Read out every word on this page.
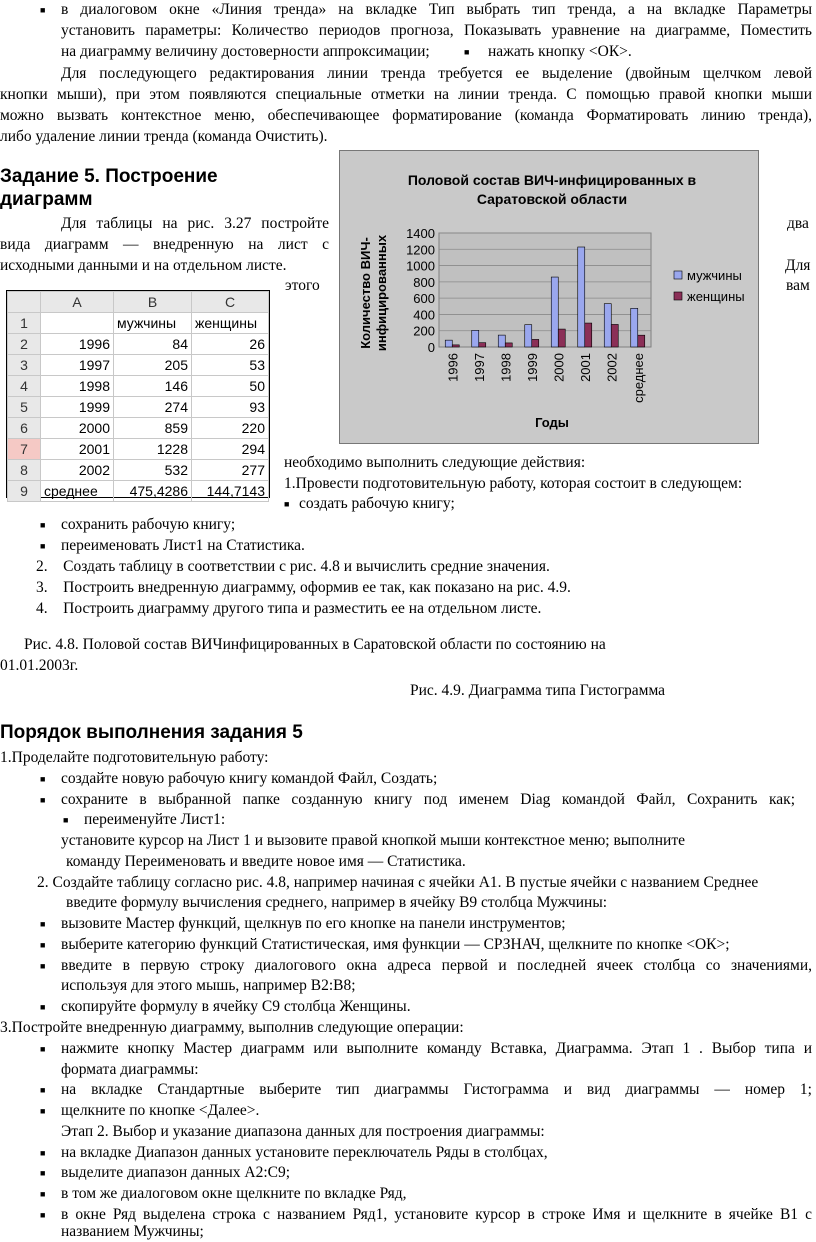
■ в диалоговом окне «Линия тренда» на вкладке Тип выбрать тип тренда, а на вкладке Параметры
установить параметры: Количество периодов прогноза, Показывать уравнение на диаграмме, Поместить
на диаграмму величину достоверности аппроксимации;	■ нажать кнопку <ОК>.
Для последующего редактирования линии тренда требуется ее выделение (двойным щелчком левой
кнопки мыши), при этом появляются специальные отметки на линии тренда. С помощью правой кнопки мыши
можно вызвать контекстное меню, обеспечивающее форматирование (команда Форматировать линию тренда),
либо удаление линии тренда (команда Очистить).
Задание 5. Построение
диаграмм
Для таблицы на рис. 3.27 постройте	два
вида диаграмм — внедренную на лист с
исходными данными и на отдельном листе.	Для
этого	вам
	A	B	C
1		мужчины	женщины
2	1996	84	26
3	1997	205	53
4	1998	146	50
5	1999	274	93
6	2000	859	220
7	2001	1228	294
8	2002	532	277
9	среднее	475,4286	144,7143
Половой состав ВИЧ-инфицированных в
Саратовской области
0
200
400
600
800
1000
1200
1400
1996 1997 1998 1999 2000 2001 2002 среднее
Количество ВИЧ- инфицированных
Годы
мужчины
женщины
необходимо выполнить следующие действия:
1.Провести подготовительную работу, которая состоит в следующем:
■ создать рабочую книгу;
■ сохранить рабочую книгу;
■ переименовать Лист1 на Статистика.
2.    Создать таблицу в соответствии с рис. 4.8 и вычислить средние значения.
3.    Построить внедренную диаграмму, оформив ее так, как показано на рис. 4.9.
4.    Построить диаграмму другого типа и разместить ее на отдельном листе.
Рис. 4.8. Половой состав ВИЧинфицированных в Саратовской области по состоянию на
01.01.2003г.
Рис. 4.9. Диаграмма типа Гистограмма
Порядок выполнения задания 5
1.Проделайте подготовительную работу:
■ создайте новую рабочую книгу командой Файл, Создать;
■ сохраните в выбранной папке созданную книгу под именем Diag командой Файл, Сохранить как;
■ переименуйте Лист1:
установите курсор на Лист 1 и вызовите правой кнопкой мыши контекстное меню; выполните
команду Переименовать и введите новое имя — Статистика.
2. Создайте таблицу согласно рис. 4.8, например начиная с ячейки А1. В пустые ячейки с названием Среднее
введите формулу вычисления среднего, например в ячейку В9 столбца Мужчины:
■ вызовите Мастер функций, щелкнув по его кнопке на панели инструментов;
■ выберите категорию функций Статистическая, имя функции — СРЗНАЧ, щелкните по кнопке <ОК>;
■ введите в первую строку диалогового окна адреса первой и последней ячеек столбца со значениями,
используя для этого мышь, например В2:В8;
■ скопируйте формулу в ячейку С9 столбца Женщины.
3.Постройте внедренную диаграмму, выполнив следующие операции:
■ нажмите кнопку Мастер диаграмм или выполните команду Вставка, Диаграмма. Этап 1 . Выбор типа и
формата диаграммы:
■ на вкладке Стандартные выберите тип диаграммы Гистограмма и вид диаграммы — номер 1;
■ щелкните по кнопке <Далее>.
Этап 2. Выбор и указание диапазона данных для построения диаграммы:
■ на вкладке Диапазон данных установите переключатель Ряды в столбцах,
■ выделите диапазон данных А2:С9;
■ в том же диалоговом окне щелкните по вкладке Ряд,
■ в окне Ряд выделена строка с названием Ряд1, установите курсор в строке Имя и щелкните в ячейке В1 с
названием Мужчины;
